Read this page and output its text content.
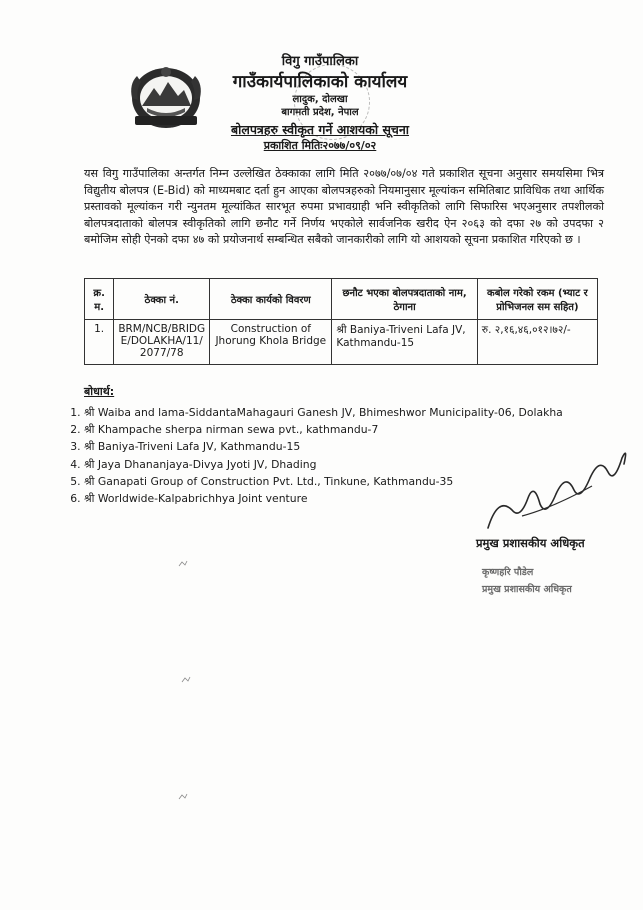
विगु गाउँपालिका
गाउँकार्यपालिकाको कार्यालय
लादुक, दोलखा
बागमती प्रदेश, नेपाल
बोलपत्रहरु स्वीकृत गर्ने आशयको सूचना
प्रकाशित मितिः२०७७/०९/०२
यस विगु गाउँपालिका अन्तर्गत निम्न उल्लेखित ठेक्काका लागि मिति २०७७/०७/०४ गते प्रकाशित सूचना अनुसार समयसिमा भित्र विद्युतीय बोलपत्र (E-Bid) को माध्यमबाट दर्ता हुन आएका बोलपत्रहरुको नियमानुसार मूल्यांकन समितिबाट प्राविधिक तथा आर्थिक प्रस्तावको मूल्यांकन गरी न्युनतम मूल्यांकित सारभूत रुपमा प्रभावग्राही भनि स्वीकृतिको लागि सिफारिस भएअनुसार तपशीलको बोलपत्रदाताको बोलपत्र स्वीकृतिको लागि छनौट गर्ने निर्णय भएकोले सार्वजनिक खरीद ऐन २०६३ को दफा २७ को उपदफा २ बमोजिम सोही ऐनको दफा ४७ को प्रयोजनार्थ सम्बन्धित सबैको जानकारीको लागि यो आशयको सूचना प्रकाशित गरिएको छ ।
क्र. म.	ठेक्का नं.	ठेक्का कार्यको विवरण	छनौट भएका बोलपत्रदाताको नाम, ठेगाना	कबोल गरेको रकम (भ्याट र प्रोभिजनल सम सहित)
1.	BRM/NCB/BRIDGE/DOLAKHA/11/2077/78	Construction of Jhorung Khola Bridge	श्री Baniya-Triveni Lafa JV, Kathmandu-15	रु. २,१६,४६,०१२।७२/-
बोधार्थ:
1. श्री Waiba and lama-SiddantaMahagauri Ganesh JV, Bhimeshwor Municipality-06, Dolakha
2. श्री Khampache sherpa nirman sewa pvt., kathmandu-7
3. श्री Baniya-Triveni Lafa JV, Kathmandu-15
4. श्री Jaya Dhananjaya-Divya Jyoti JV, Dhading
5. श्री Ganapati Group of Construction Pvt. Ltd., Tinkune, Kathmandu-35
6. श्री Worldwide-Kalpabrichhya Joint venture
प्रमुख प्रशासकीय अधिकृत
कृष्णहरि पौडेल
प्रमुख प्रशासकीय अधिकृत
